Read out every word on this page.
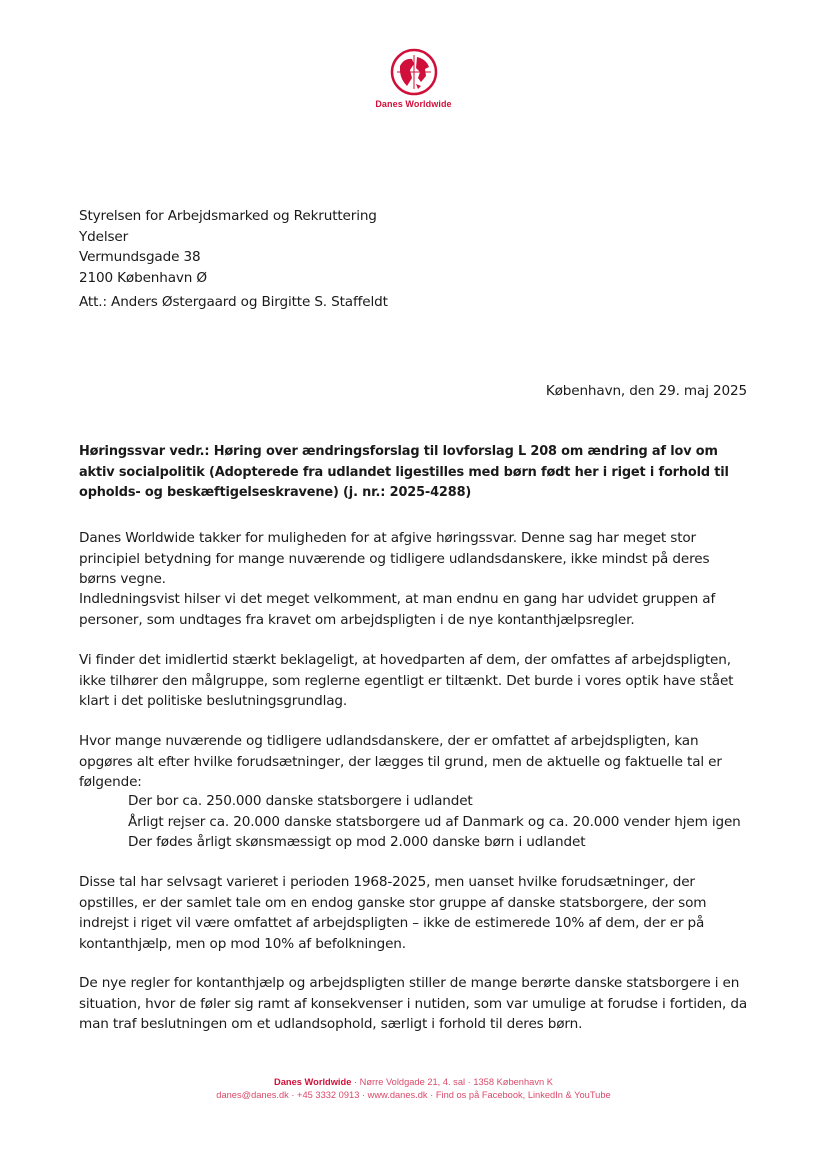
Danes Worldwide
Styrelsen for Arbejdsmarked og Rekruttering
Ydelser
Vermundsgade 38
2100 København Ø
Att.: Anders Østergaard og Birgitte S. Staffeldt
København, den 29. maj 2025
Høringssvar vedr.: Høring over ændringsforslag til lovforslag L 208 om ændring af lov om aktiv socialpolitik (Adopterede fra udlandet ligestilles med børn født her i riget i forhold til opholds- og beskæftigelseskravene) (j. nr.: 2025-4288)

Danes Worldwide takker for muligheden for at afgive høringssvar. Denne sag har meget stor principiel betydning for mange nuværende og tidligere udlandsdanskere, ikke mindst på deres børns vegne.

Indledningsvist hilser vi det meget velkomment, at man endnu en gang har udvidet gruppen af personer, som undtages fra kravet om arbejdspligten i de nye kontanthjælpsregler.

Vi finder det imidlertid stærkt beklageligt, at hovedparten af dem, der omfattes af arbejdspligten, ikke tilhører den målgruppe, som reglerne egentligt er tiltænkt. Det burde i vores optik have stået klart i det politiske beslutningsgrundlag.

Hvor mange nuværende og tidligere udlandsdanskere, der er omfattet af arbejdspligten, kan opgøres alt efter hvilke forudsætninger, der lægges til grund, men de aktuelle og faktuelle tal er følgende:

Der bor ca. 250.000 danske statsborgere i udlandet
Årligt rejser ca. 20.000 danske statsborgere ud af Danmark og ca. 20.000 vender hjem igen
Der fødes årligt skønsmæssigt op mod 2.000 danske børn i udlandet

Disse tal har selvsagt varieret i perioden 1968-2025, men uanset hvilke forudsætninger, der opstilles, er der samlet tale om en endog ganske stor gruppe af danske statsborgere, der som indrejst i riget vil være omfattet af arbejdspligten – ikke de estimerede 10% af dem, der er på kontanthjælp, men op mod 10% af befolkningen.

De nye regler for kontanthjælp og arbejdspligten stiller de mange berørte danske statsborgere i en situation, hvor de føler sig ramt af konsekvenser i nutiden, som var umulige at forudse i fortiden, da man traf beslutningen om et udlandsophold, særligt i forhold til deres børn.

Danes Worldwide · Nørre Voldgade 21, 4. sal · 1358 København K
danes@danes.dk · +45 3332 0913 · www.danes.dk · Find os på Facebook, LinkedIn & YouTube
